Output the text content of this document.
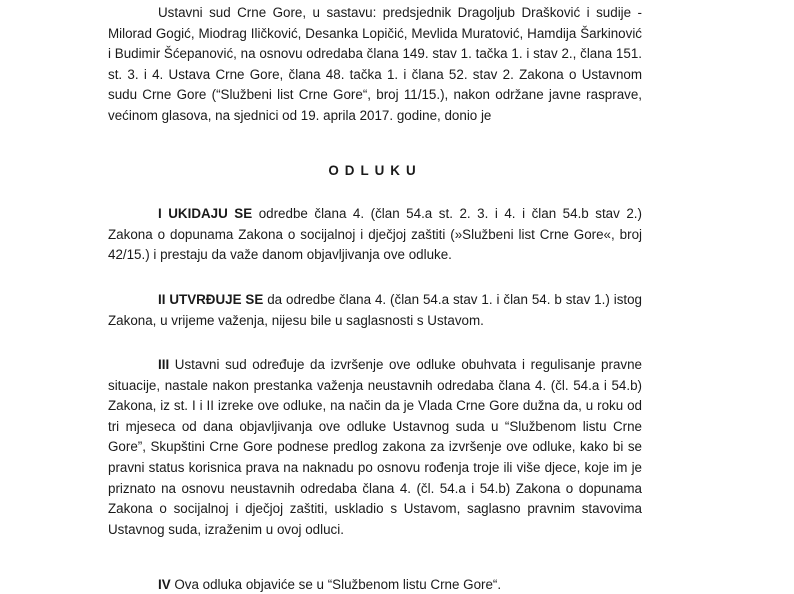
Ustavni sud Crne Gore, u sastavu: predsjednik Dragoljub Drašković i sudije - Milorad Gogić, Miodrag Iličković, Desanka Lopičić, Mevlida Muratović, Hamdija Šarkinović i Budimir Šćepanović, na osnovu odredaba člana 149. stav 1. tačka 1. i stav 2., člana 151. st. 3. i 4. Ustava Crne Gore, člana 48. tačka 1. i člana 52. stav 2. Zakona o Ustavnom sudu Crne Gore (“Službeni list Crne Gore“, broj 11/15.), nakon održane javne rasprave, većinom glasova, na sjednici od 19. aprila 2017. godine, donio je

ODLUKU

I UKIDAJU SE odredbe člana 4. (član 54.a st. 2. 3. i 4. i član 54.b stav 2.) Zakona o dopunama Zakona o socijalnoj i dječjoj zaštiti (»Službeni list Crne Gore«, broj 42/15.) i prestaju da važe danom objavljivanja ove odluke.

II UTVRĐUJE SE da odredbe člana 4. (član 54.a stav 1. i član 54. b stav 1.) istog Zakona, u vrijeme važenja, nijesu bile u saglasnosti s Ustavom.

III Ustavni sud određuje da izvršenje ove odluke obuhvata i regulisanje pravne situacije, nastale nakon prestanka važenja neustavnih odredaba člana 4. (čl. 54.a i 54.b) Zakona, iz st. I i II izreke ove odluke, na način da je Vlada Crne Gore dužna da, u roku od tri mjeseca od dana objavljivanja ove odluke Ustavnog suda u “Službenom listu Crne Gore”, Skupštini Crne Gore podnese predlog zakona za izvršenje ove odluke, kako bi se pravni status korisnica prava na naknadu po osnovu rođenja troje ili više djece, koje im je priznato na osnovu neustavnih odredaba člana 4. (čl. 54.a i 54.b) Zakona o dopunama Zakona o socijalnoj i dječjoj zaštiti, uskladio s Ustavom, saglasno pravnim stavovima Ustavnog suda, izraženim u ovoj odluci.

IV Ova odluka objaviće se u “Službenom listu Crne Gore“.
